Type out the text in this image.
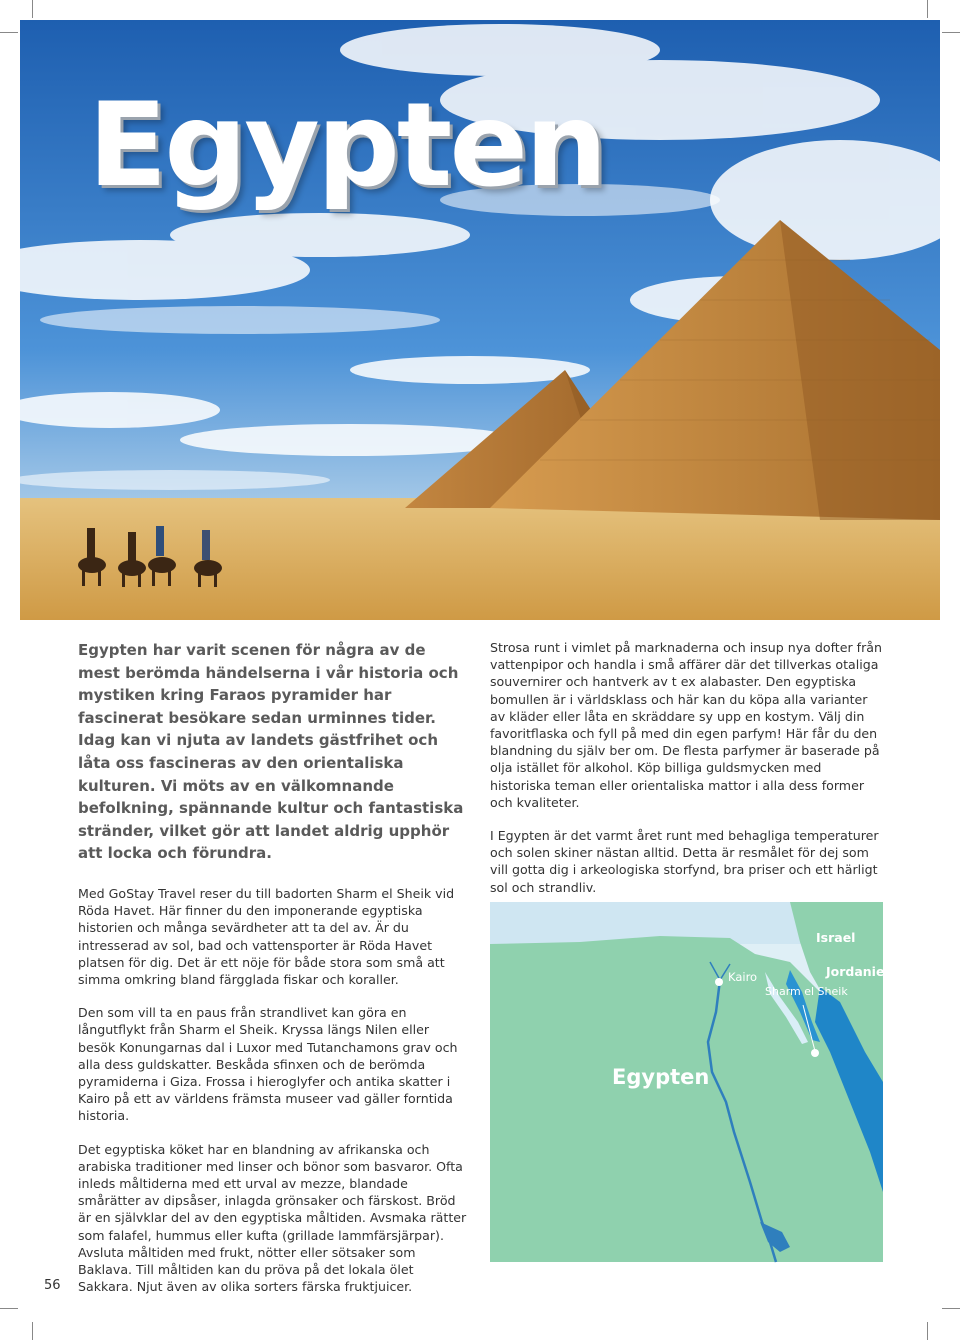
Egypten

Egypten har varit scenen för några av de mest berömda händelserna i vår historia och mystiken kring Faraos pyramider har fascinerat besökare sedan urminnes tider. Idag kan vi njuta av landets gästfrihet och låta oss fascineras av den orientaliska kulturen. Vi möts av en välkomnande befolkning, spännande kultur och fantastiska stränder, vilket gör att landet aldrig upphör att locka och förundra.

Med GoStay Travel reser du till badorten Sharm el Sheik vid Röda Havet. Här finner du den imponerande egyptiska historien och många sevärdheter att ta del av. Är du intresserad av sol, bad och vattensporter är Röda Havet platsen för dig. Det är ett nöje för både stora som små att simma omkring bland färgglada fiskar och koraller.

Den som vill ta en paus från strandlivet kan göra en långutflykt från Sharm el Sheik. Kryssa längs Nilen eller besök Konungarnas dal i Luxor med Tutanchamons grav och alla dess guldskatter. Beskåda sfinxen och de berömda pyramiderna i Giza. Frossa i hieroglyfer och antika skatter i Kairo på ett av världens främsta museer vad gäller forntida historia.

Det egyptiska köket har en blandning av afrikanska och arabiska traditioner med linser och bönor som basvaror. Ofta inleds måltiderna med ett urval av mezze, blandade smårätter av dipsåser, inlagda grönsaker och färskost. Bröd är en självklar del av den egyptiska måltiden. Avsmaka rätter som falafel, hummus eller kufta (grillade lammfärsjärpar). Avsluta måltiden med frukt, nötter eller sötsaker som Baklava. Till måltiden kan du pröva på det lokala ölet Sakkara. Njut även av olika sorters färska fruktjuicer.

Strosa runt i vimlet på marknaderna och insup nya dofter från vattenpipor och handla i små affärer där det tillverkas otaliga souvernirer och hantverk av t ex alabaster. Den egyptiska bomullen är i världsklass och här kan du köpa alla varianter av kläder eller låta en skräddare sy upp en kostym. Välj din favoritflaska och fyll på med din egen parfym! Här får du den blandning du själv ber om. De flesta parfymer är baserade på olja istället för alkohol. Köp billiga guldsmycken med historiska teman eller orientaliska mattor i alla dess former och kvaliteter.

I Egypten är det varmt året runt med behagliga temperaturer och solen skiner nästan alltid. Detta är resmålet för dej som vill gotta dig i arkeologiska storfynd, bra priser och ett härligt sol och strandliv.

Israel
Jordanien
Kairo
Sharm el Sheik
Egypten
56
